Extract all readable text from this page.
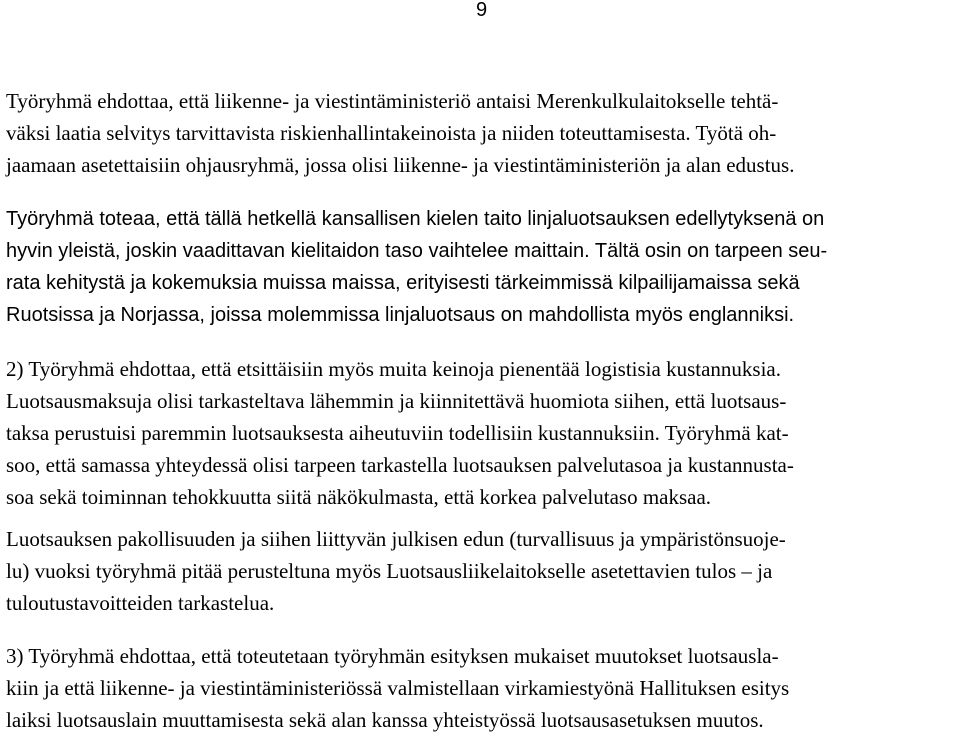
9
Työryhmä ehdottaa, että liikenne- ja viestintäministeriö antaisi Merenkulkulaitokselle tehtä-
väksi laatia selvitys tarvittavista riskienhallintakeinoista ja niiden toteuttamisesta. Työtä oh-
jaamaan asetettaisiin ohjausryhmä, jossa olisi liikenne- ja viestintäministeriön ja alan edustus.
Työryhmä toteaa, että tällä hetkellä kansallisen kielen taito linjaluotsauksen edellytyksenä on
hyvin yleistä, joskin vaadittavan kielitaidon taso vaihtelee maittain. Tältä osin on tarpeen seu-
rata kehitystä ja kokemuksia muissa maissa, erityisesti tärkeimmissä kilpailijamaissa sekä
Ruotsissa ja Norjassa, joissa molemmissa linjaluotsaus on mahdollista myös englanniksi.
2) Työryhmä ehdottaa, että etsittäisiin myös muita keinoja pienentää logistisia kustannuksia.
Luotsausmaksuja olisi tarkasteltava lähemmin ja kiinnitettävä huomiota siihen, että luotsaus-
taksa perustuisi paremmin luotsauksesta aiheutuviin todellisiin kustannuksiin. Työryhmä kat-
soo, että samassa yhteydessä olisi tarpeen tarkastella luotsauksen palvelutasoa ja kustannusta-
soa sekä toiminnan tehokkuutta siitä näkökulmasta, että korkea palvelutaso maksaa.
Luotsauksen pakollisuuden ja siihen liittyvän julkisen edun (turvallisuus ja ympäristönsuoje-
lu) vuoksi työryhmä pitää perusteltuna myös Luotsausliikelaitokselle asetettavien tulos – ja
tuloutustavoitteiden tarkastelua.
3) Työryhmä ehdottaa, että toteutetaan työryhmän esityksen mukaiset muutokset luotsausla-
kiin ja että liikenne- ja viestintäministeriössä valmistellaan virkamiestyönä Hallituksen esitys
laiksi luotsauslain muuttamisesta sekä alan kanssa yhteistyössä luotsausasetuksen muutos.
